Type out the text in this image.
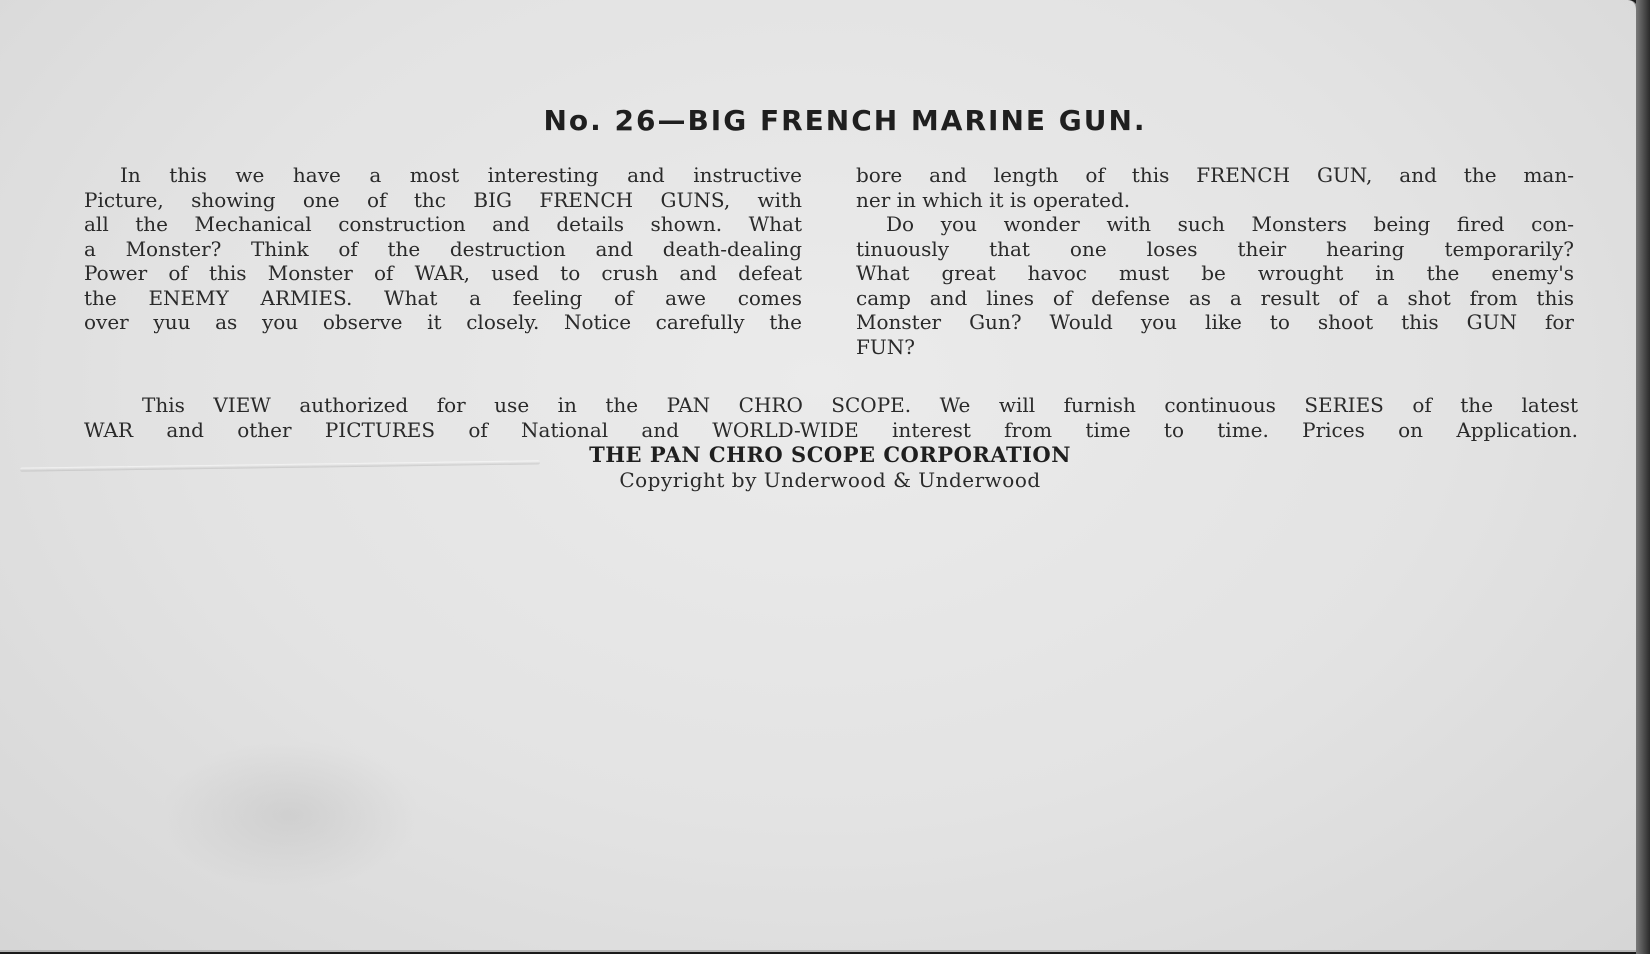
No. 26—BIG FRENCH MARINE GUN.

In this we have a most interesting and instructive

Picture, showing one of thc BIG FRENCH GUNS, with

all the Mechanical construction and details shown. What

a Monster? Think of the destruction and death-dealing

Power of this Monster of WAR, used to crush and defeat

the ENEMY ARMIES. What a feeling of awe comes

over yuu as you observe it closely. Notice carefully the

bore and length of this FRENCH GUN, and the man-

ner in which it is operated.

Do you wonder with such Monsters being fired con-

tinuously that one loses their hearing temporarily?

What great havoc must be wrought in the enemy's

camp and lines of defense as a result of a shot from this

Monster Gun? Would you like to shoot this GUN for

FUN?

This VIEW authorized for use in the PAN CHRO SCOPE. We will furnish continuous SERIES of the latest

WAR and other PICTURES of National and WORLD-WIDE interest from time to time. Prices on Application.

THE PAN CHRO SCOPE CORPORATION
Copyright by Underwood & Underwood
